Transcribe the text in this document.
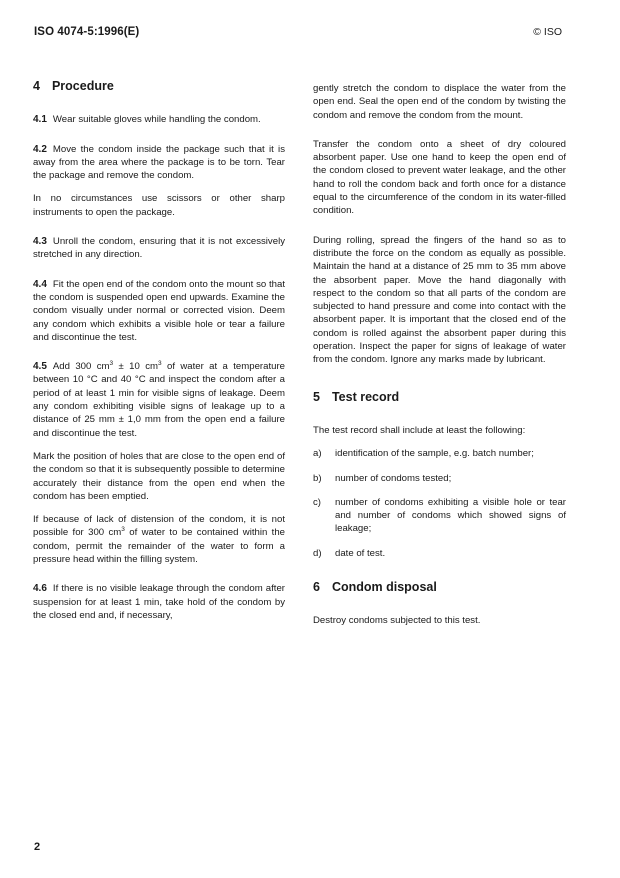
ISO 4074-5:1996(E)	© ISO
4 Procedure

4.1 Wear suitable gloves while handling the condom.

4.2 Move the condom inside the package such that it is away from the area where the package is to be torn. Tear the package and remove the condom.

In no circumstances use scissors or other sharp instruments to open the package.

4.3 Unroll the condom, ensuring that it is not excessively stretched in any direction.

4.4 Fit the open end of the condom onto the mount so that the condom is suspended open end upwards. Examine the condom visually under normal or corrected vision. Deem any condom which exhibits a visible hole or tear a failure and discontinue the test.

4.5 Add 300 $cm^3 \pm 10$ $cm^3$ of water at a temperature between 10 °C and 40 °C and inspect the condom after a period of at least 1 min for visible signs of leakage. Deem any condom exhibiting visible signs of leakage up to a distance of 25 mm ± 1,0 mm from the open end a failure and discontinue the test.

Mark the position of holes that are close to the open end of the condom so that it is subsequently possible to determine accurately their distance from the open end when the condom has been emptied.

If because of lack of distension of the condom, it is not possible for 300 $cm^3$ of water to be contained within the condom, permit the remainder of the water to form a pressure head within the filling system.

4.6 If there is no visible leakage through the condom after suspension for at least 1 min, take hold of the condom by the closed end and, if necessary,

gently stretch the condom to displace the water from the open end. Seal the open end of the condom by twisting the condom and remove the condom from the mount.

Transfer the condom onto a sheet of dry coloured absorbent paper. Use one hand to keep the open end of the condom closed to prevent water leakage, and the other hand to roll the condom back and forth once for a distance equal to the circumference of the condom in its water-filled condition.

During rolling, spread the fingers of the hand so as to distribute the force on the condom as equally as possible. Maintain the hand at a distance of 25 mm to 35 mm above the absorbent paper. Move the hand diagonally with respect to the condom so that all parts of the condom are subjected to hand pressure and come into contact with the absorbent paper. It is important that the closed end of the condom is rolled against the absorbent paper during this operation. Inspect the paper for signs of leakage of water from the condom. Ignore any marks made by lubricant.

5 Test record

The test record shall include at least the following:

a)	identification of the sample, e.g. batch number;
b)	number of condoms tested;
c)	number of condoms exhibiting a visible hole or tear and number of condoms which showed signs of leakage;
d)	date of test.
6 Condom disposal

Destroy condoms subjected to this test.

2
